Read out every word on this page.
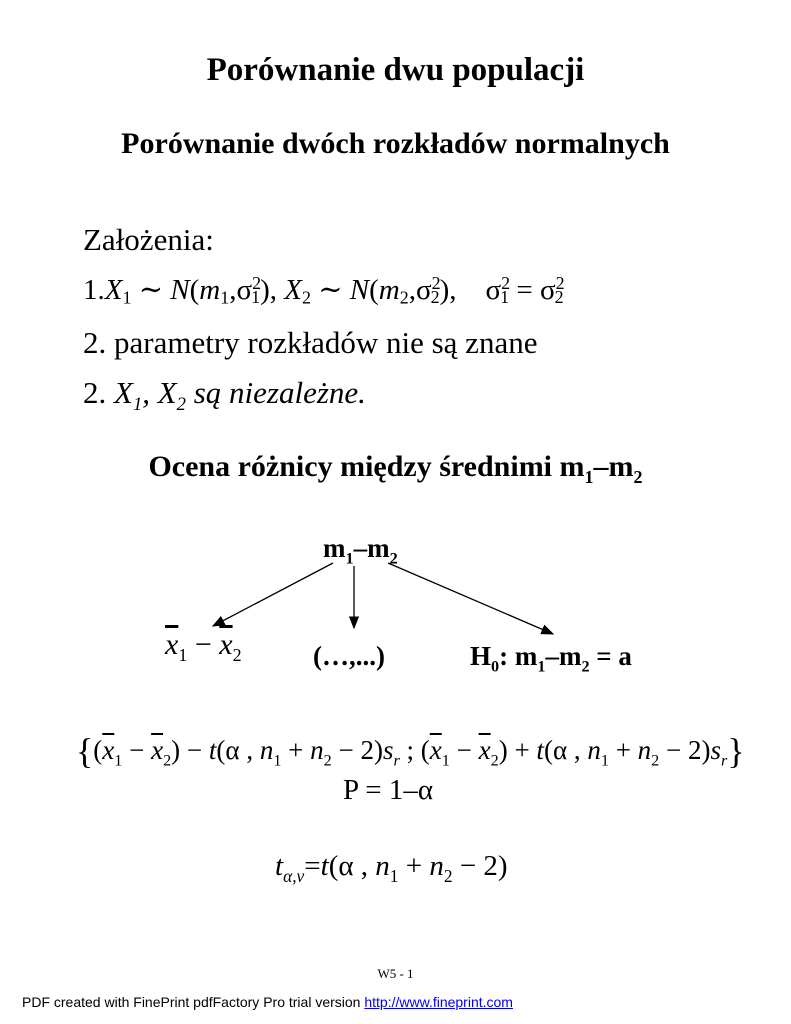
Porównanie dwu populacji
Porównanie dwóch rozkładów normalnych
Założenia:
1.X1 ∼ $N(m1,\sigma^21)$, X2 ∼ $N(m2,\sigma^22)$, $\sigma^21 = \sigma^22$
2. parametry rozkładów nie są znane
2. $X_1$, $X_2$ są niezależne.
Ocena różnicy między średnimi $m_1-m_2$
$m_1-m_2$
$\overline{x}_1 - \overline{x}_2$	(…,...)	$H_0$: $m_1-m_2 = a$
{$(\overline{x}_1 - \overline{x}_2) - t(\alpha$ , $n_1 + n_2 - 2)s_r$ ; $(\overline{x}_1 - \overline{x}_2) + t(\alpha$ , $n_1 + n_2 - 2)s_r$}
P = 1–α
$t_{\alpha,v}=t(\alpha$ , $n_1 + n_2 - 2$)
W5 - 1
PDF created with FinePrint pdfFactory Pro trial version http://www.fineprint.com
